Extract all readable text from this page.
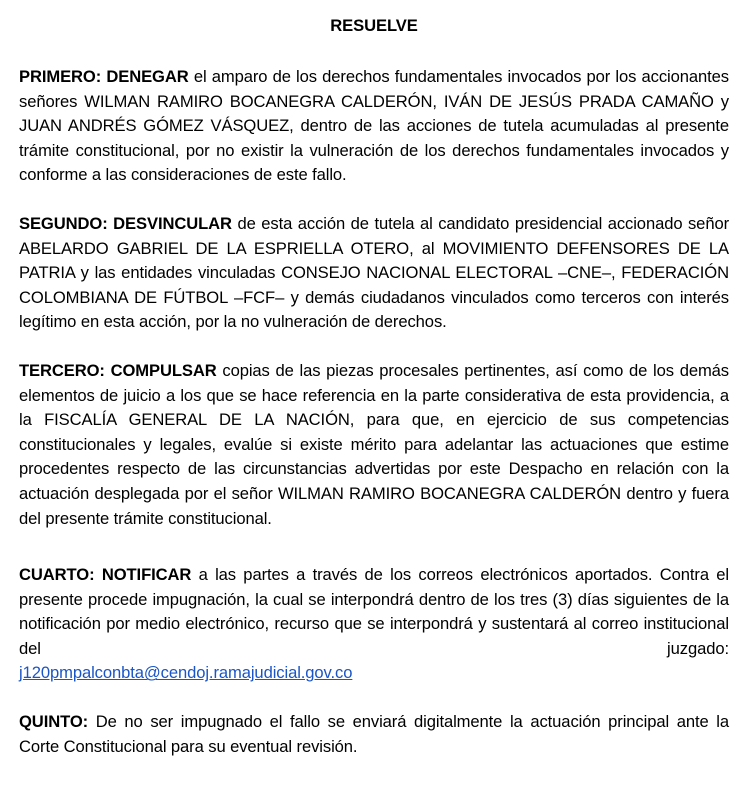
RESUELVE

PRIMERO: DENEGAR el amparo de los derechos fundamentales invocados por los accionantes señores WILMAN RAMIRO BOCANEGRA CALDERÓN, IVÁN DE JESÚS PRADA CAMAÑO y JUAN ANDRÉS GÓMEZ VÁSQUEZ, dentro de las acciones de tutela acumuladas al presente trámite constitucional, por no existir la vulneración de los derechos fundamentales invocados y conforme a las consideraciones de este fallo.

SEGUNDO: DESVINCULAR de esta acción de tutela al candidato presidencial accionado señor ABELARDO GABRIEL DE LA ESPRIELLA OTERO, al MOVIMIENTO DEFENSORES DE LA PATRIA y las entidades vinculadas CONSEJO NACIONAL ELECTORAL –CNE–, FEDERACIÓN COLOMBIANA DE FÚTBOL –FCF– y demás ciudadanos vinculados como terceros con interés legítimo en esta acción, por la no vulneración de derechos.

TERCERO: COMPULSAR copias de las piezas procesales pertinentes, así como de los demás elementos de juicio a los que se hace referencia en la parte considerativa de esta providencia, a la FISCALÍA GENERAL DE LA NACIÓN, para que, en ejercicio de sus competencias constitucionales y legales, evalúe si existe mérito para adelantar las actuaciones que estime procedentes respecto de las circunstancias advertidas por este Despacho en relación con la actuación desplegada por el señor WILMAN RAMIRO BOCANEGRA CALDERÓN dentro y fuera del presente trámite constitucional.

CUARTO: NOTIFICAR a las partes a través de los correos electrónicos aportados. Contra el presente procede impugnación, la cual se interpondrá dentro de los tres (3) días siguientes de la notificación por medio electrónico, recurso que se interpondrá y sustentará al correo institucional del juzgado:
j120pmpalconbta@cendoj.ramajudicial.gov.co

QUINTO: De no ser impugnado el fallo se enviará digitalmente la actuación principal ante la Corte Constitucional para su eventual revisión.
